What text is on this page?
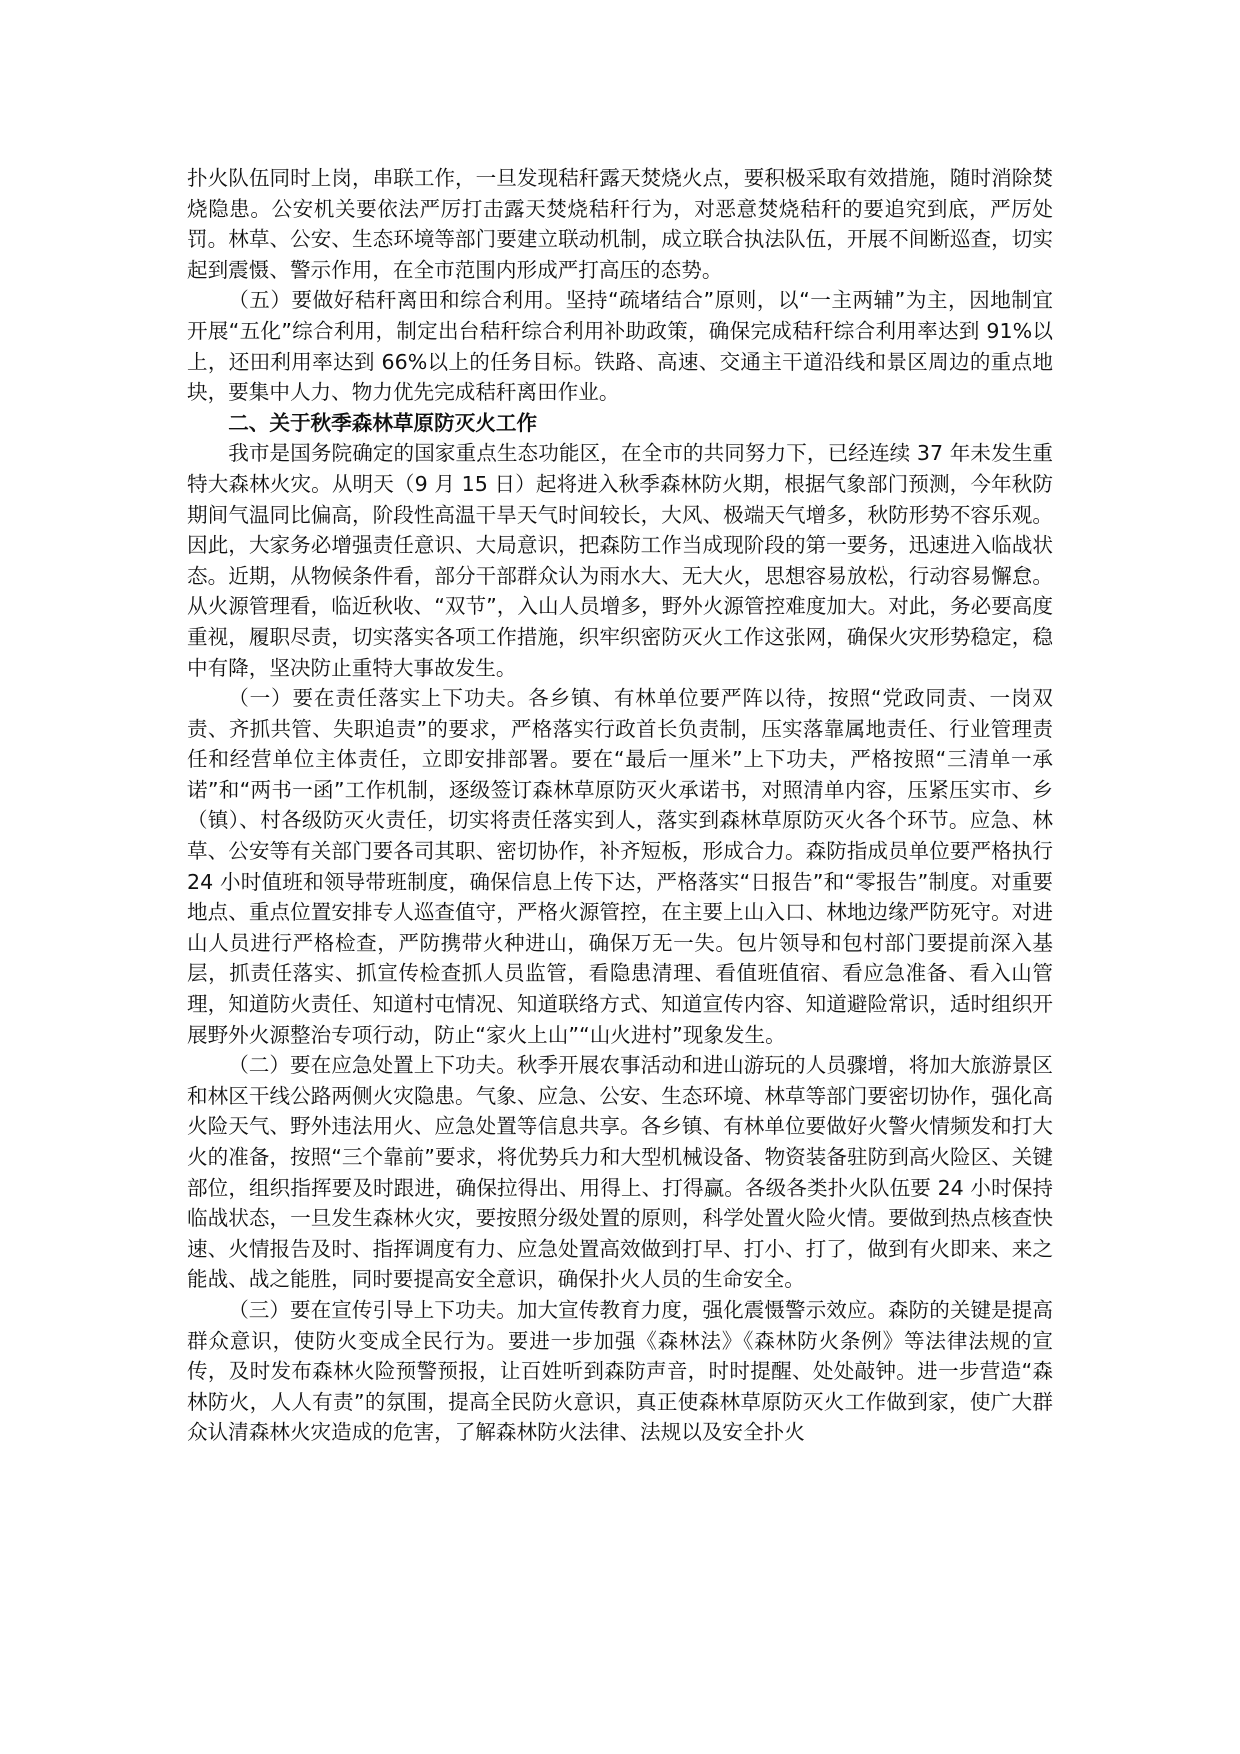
扑火队伍同时上岗，串联工作，一旦发现秸秆露天焚烧火点，要积极采取有效措施，随时消除焚烧隐患。公安机关要依法严厉打击露天焚烧秸秆行为，对恶意焚烧秸秆的要追究到底，严厉处罚。林草、公安、生态环境等部门要建立联动机制，成立联合执法队伍，开展不间断巡查，切实起到震慑、警示作用，在全市范围内形成严打高压的态势。

（五）要做好秸秆离田和综合利用。坚持“疏堵结合”原则，以“一主两辅”为主，因地制宜开展“五化”综合利用，制定出台秸秆综合利用补助政策，确保完成秸秆综合利用率达到 91%以上，还田利用率达到 66%以上的任务目标。铁路、高速、交通主干道沿线和景区周边的重点地块，要集中人力、物力优先完成秸秆离田作业。

二、关于秋季森林草原防灭火工作

我市是国务院确定的国家重点生态功能区，在全市的共同努力下，已经连续 37 年未发生重特大森林火灾。从明天（9 月 15 日）起将进入秋季森林防火期，根据气象部门预测，今年秋防期间气温同比偏高，阶段性高温干旱天气时间较长，大风、极端天气增多，秋防形势不容乐观。因此，大家务必增强责任意识、大局意识，把森防工作当成现阶段的第一要务，迅速进入临战状态。近期，从物候条件看，部分干部群众认为雨水大、无大火，思想容易放松，行动容易懈怠。从火源管理看，临近秋收、“双节”，入山人员增多，野外火源管控难度加大。对此，务必要高度重视，履职尽责，切实落实各项工作措施，织牢织密防灭火工作这张网，确保火灾形势稳定，稳中有降，坚决防止重特大事故发生。

（一）要在责任落实上下功夫。各乡镇、有林单位要严阵以待，按照“党政同责、一岗双责、齐抓共管、失职追责”的要求，严格落实行政首长负责制，压实落靠属地责任、行业管理责任和经营单位主体责任，立即安排部署。要在“最后一厘米”上下功夫，严格按照“三清单一承诺”和“两书一函”工作机制，逐级签订森林草原防灭火承诺书，对照清单内容，压紧压实市、乡（镇）、村各级防灭火责任，切实将责任落实到人，落实到森林草原防灭火各个环节。应急、林草、公安等有关部门要各司其职、密切协作，补齐短板，形成合力。森防指成员单位要严格执行 24 小时值班和领导带班制度，确保信息上传下达，严格落实“日报告”和“零报告”制度。对重要地点、重点位置安排专人巡查值守，严格火源管控，在主要上山入口、林地边缘严防死守。对进山人员进行严格检查，严防携带火种进山，确保万无一失。包片领导和包村部门要提前深入基层，抓责任落实、抓宣传检查抓人员监管，看隐患清理、看值班值宿、看应急准备、看入山管理，知道防火责任、知道村屯情况、知道联络方式、知道宣传内容、知道避险常识，适时组织开展野外火源整治专项行动，防止“家火上山”“山火进村”现象发生。

（二）要在应急处置上下功夫。秋季开展农事活动和进山游玩的人员骤增，将加大旅游景区和林区干线公路两侧火灾隐患。气象、应急、公安、生态环境、林草等部门要密切协作，强化高火险天气、野外违法用火、应急处置等信息共享。各乡镇、有林单位要做好火警火情频发和打大火的准备，按照“三个靠前”要求，将优势兵力和大型机械设备、物资装备驻防到高火险区、关键部位，组织指挥要及时跟进，确保拉得出、用得上、打得赢。各级各类扑火队伍要 24 小时保持临战状态，一旦发生森林火灾，要按照分级处置的原则，科学处置火险火情。要做到热点核查快速、火情报告及时、指挥调度有力、应急处置高效做到打早、打小、打了，做到有火即来、来之能战、战之能胜，同时要提高安全意识，确保扑火人员的生命安全。

（三）要在宣传引导上下功夫。加大宣传教育力度，强化震慑警示效应。森防的关键是提高群众意识，使防火变成全民行为。要进一步加强《森林法》《森林防火条例》等法律法规的宣传，及时发布森林火险预警预报，让百姓听到森防声音，时时提醒、处处敲钟。进一步营造“森林防火，人人有责”的氛围，提高全民防火意识，真正使森林草原防灭火工作做到家，使广大群众认清森林火灾造成的危害，了解森林防火法律、法规以及安全扑火
